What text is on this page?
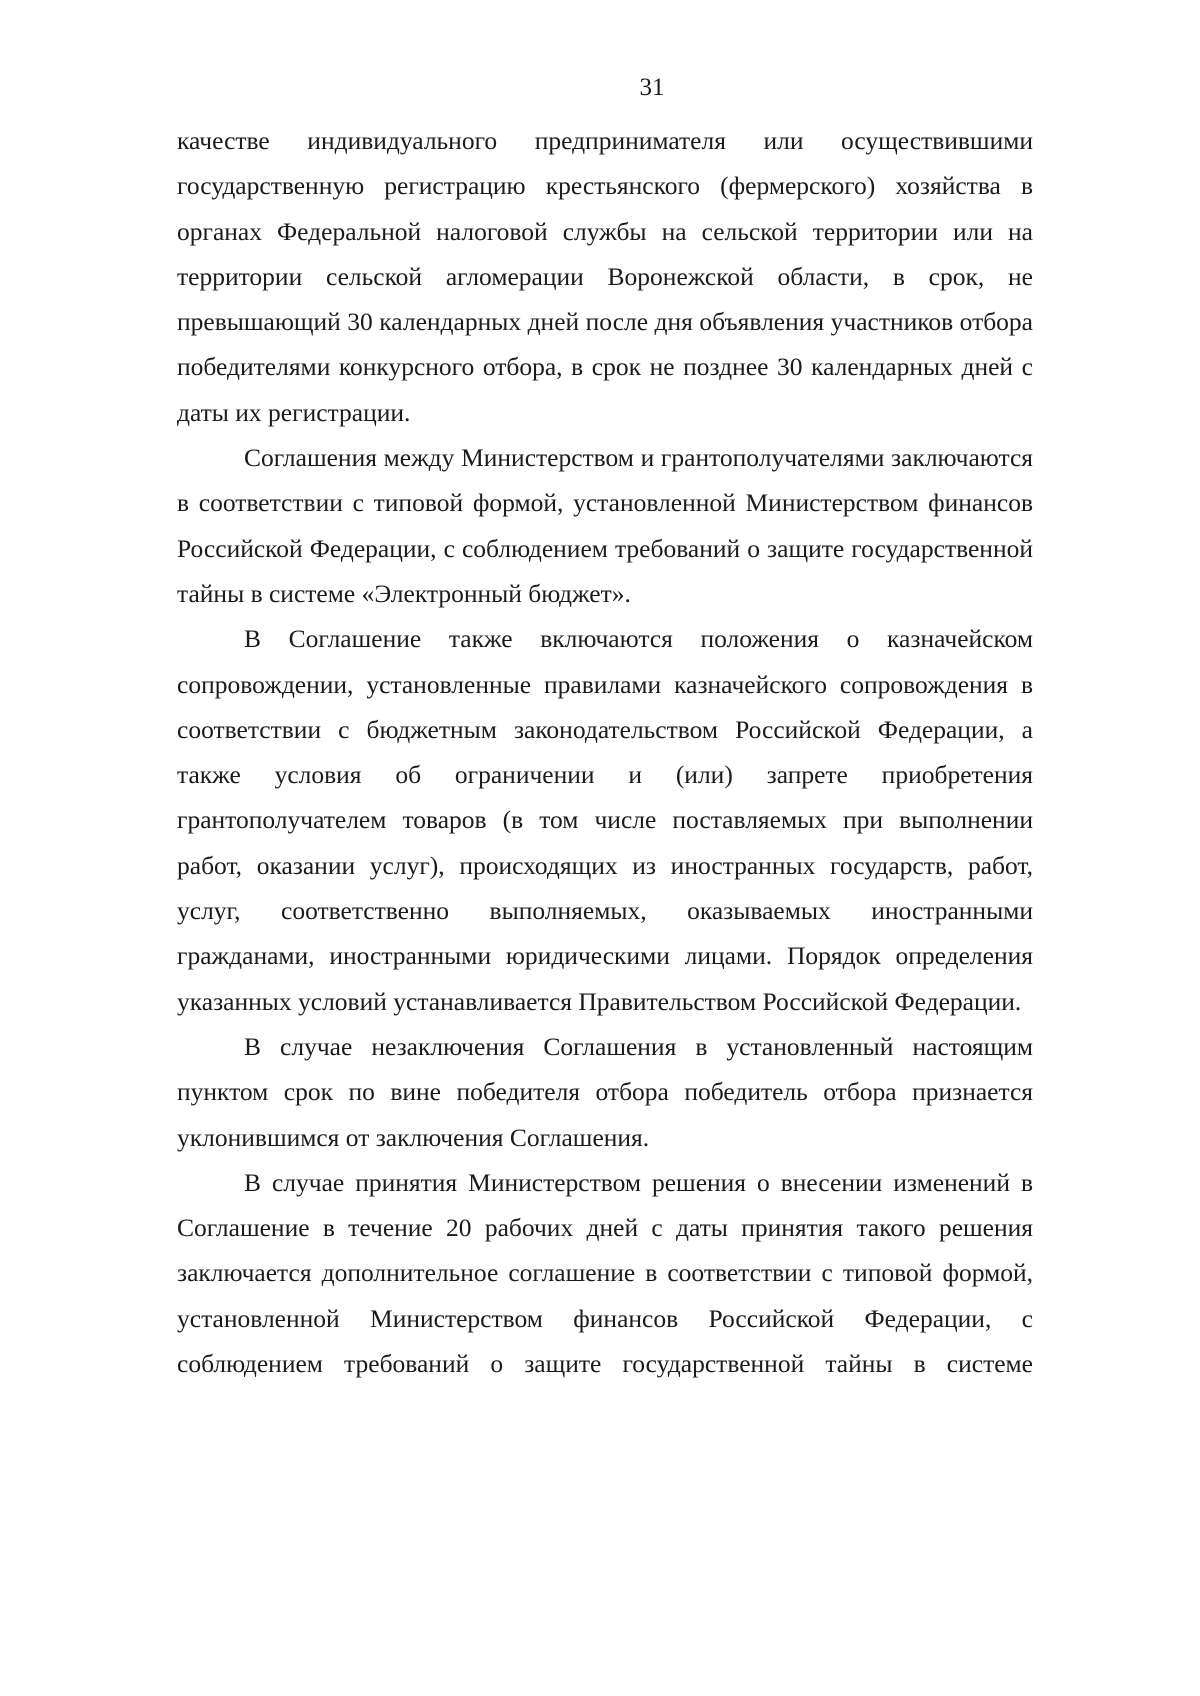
31

качестве индивидуального предпринимателя или осуществившими государственную регистрацию крестьянского (фермерского) хозяйства в органах Федеральной налоговой службы на сельской территории или на территории сельской агломерации Воронежской области, в срок, не превышающий 30 календарных дней после дня объявления участников отбора победителями конкурсного отбора, в срок не позднее 30 календарных дней с даты их регистрации.

Соглашения между Министерством и грантополучателями заключаются в соответствии с типовой формой, установленной Министерством финансов Российской Федерации, с соблюдением требований о защите государственной тайны в системе «Электронный бюджет».

В Соглашение также включаются положения о казначейском сопровождении, установленные правилами казначейского сопровождения в соответствии с бюджетным законодательством Российской Федерации, а также условия об ограничении и (или) запрете приобретения грантополучателем товаров (в том числе поставляемых при выполнении работ, оказании услуг), происходящих из иностранных государств, работ, услуг, соответственно выполняемых, оказываемых иностранными гражданами, иностранными юридическими лицами. Порядок определения указанных условий устанавливается Правительством Российской Федерации.

В случае незаключения Соглашения в установленный настоящим пунктом срок по вине победителя отбора победитель отбора признается уклонившимся от заключения Соглашения.

В случае принятия Министерством решения о внесении изменений в Соглашение в течение 20 рабочих дней с даты принятия такого решения заключается дополнительное соглашение в соответствии с типовой формой, установленной Министерством финансов Российской Федерации, с соблюдением требований о защите государственной тайны в системе
